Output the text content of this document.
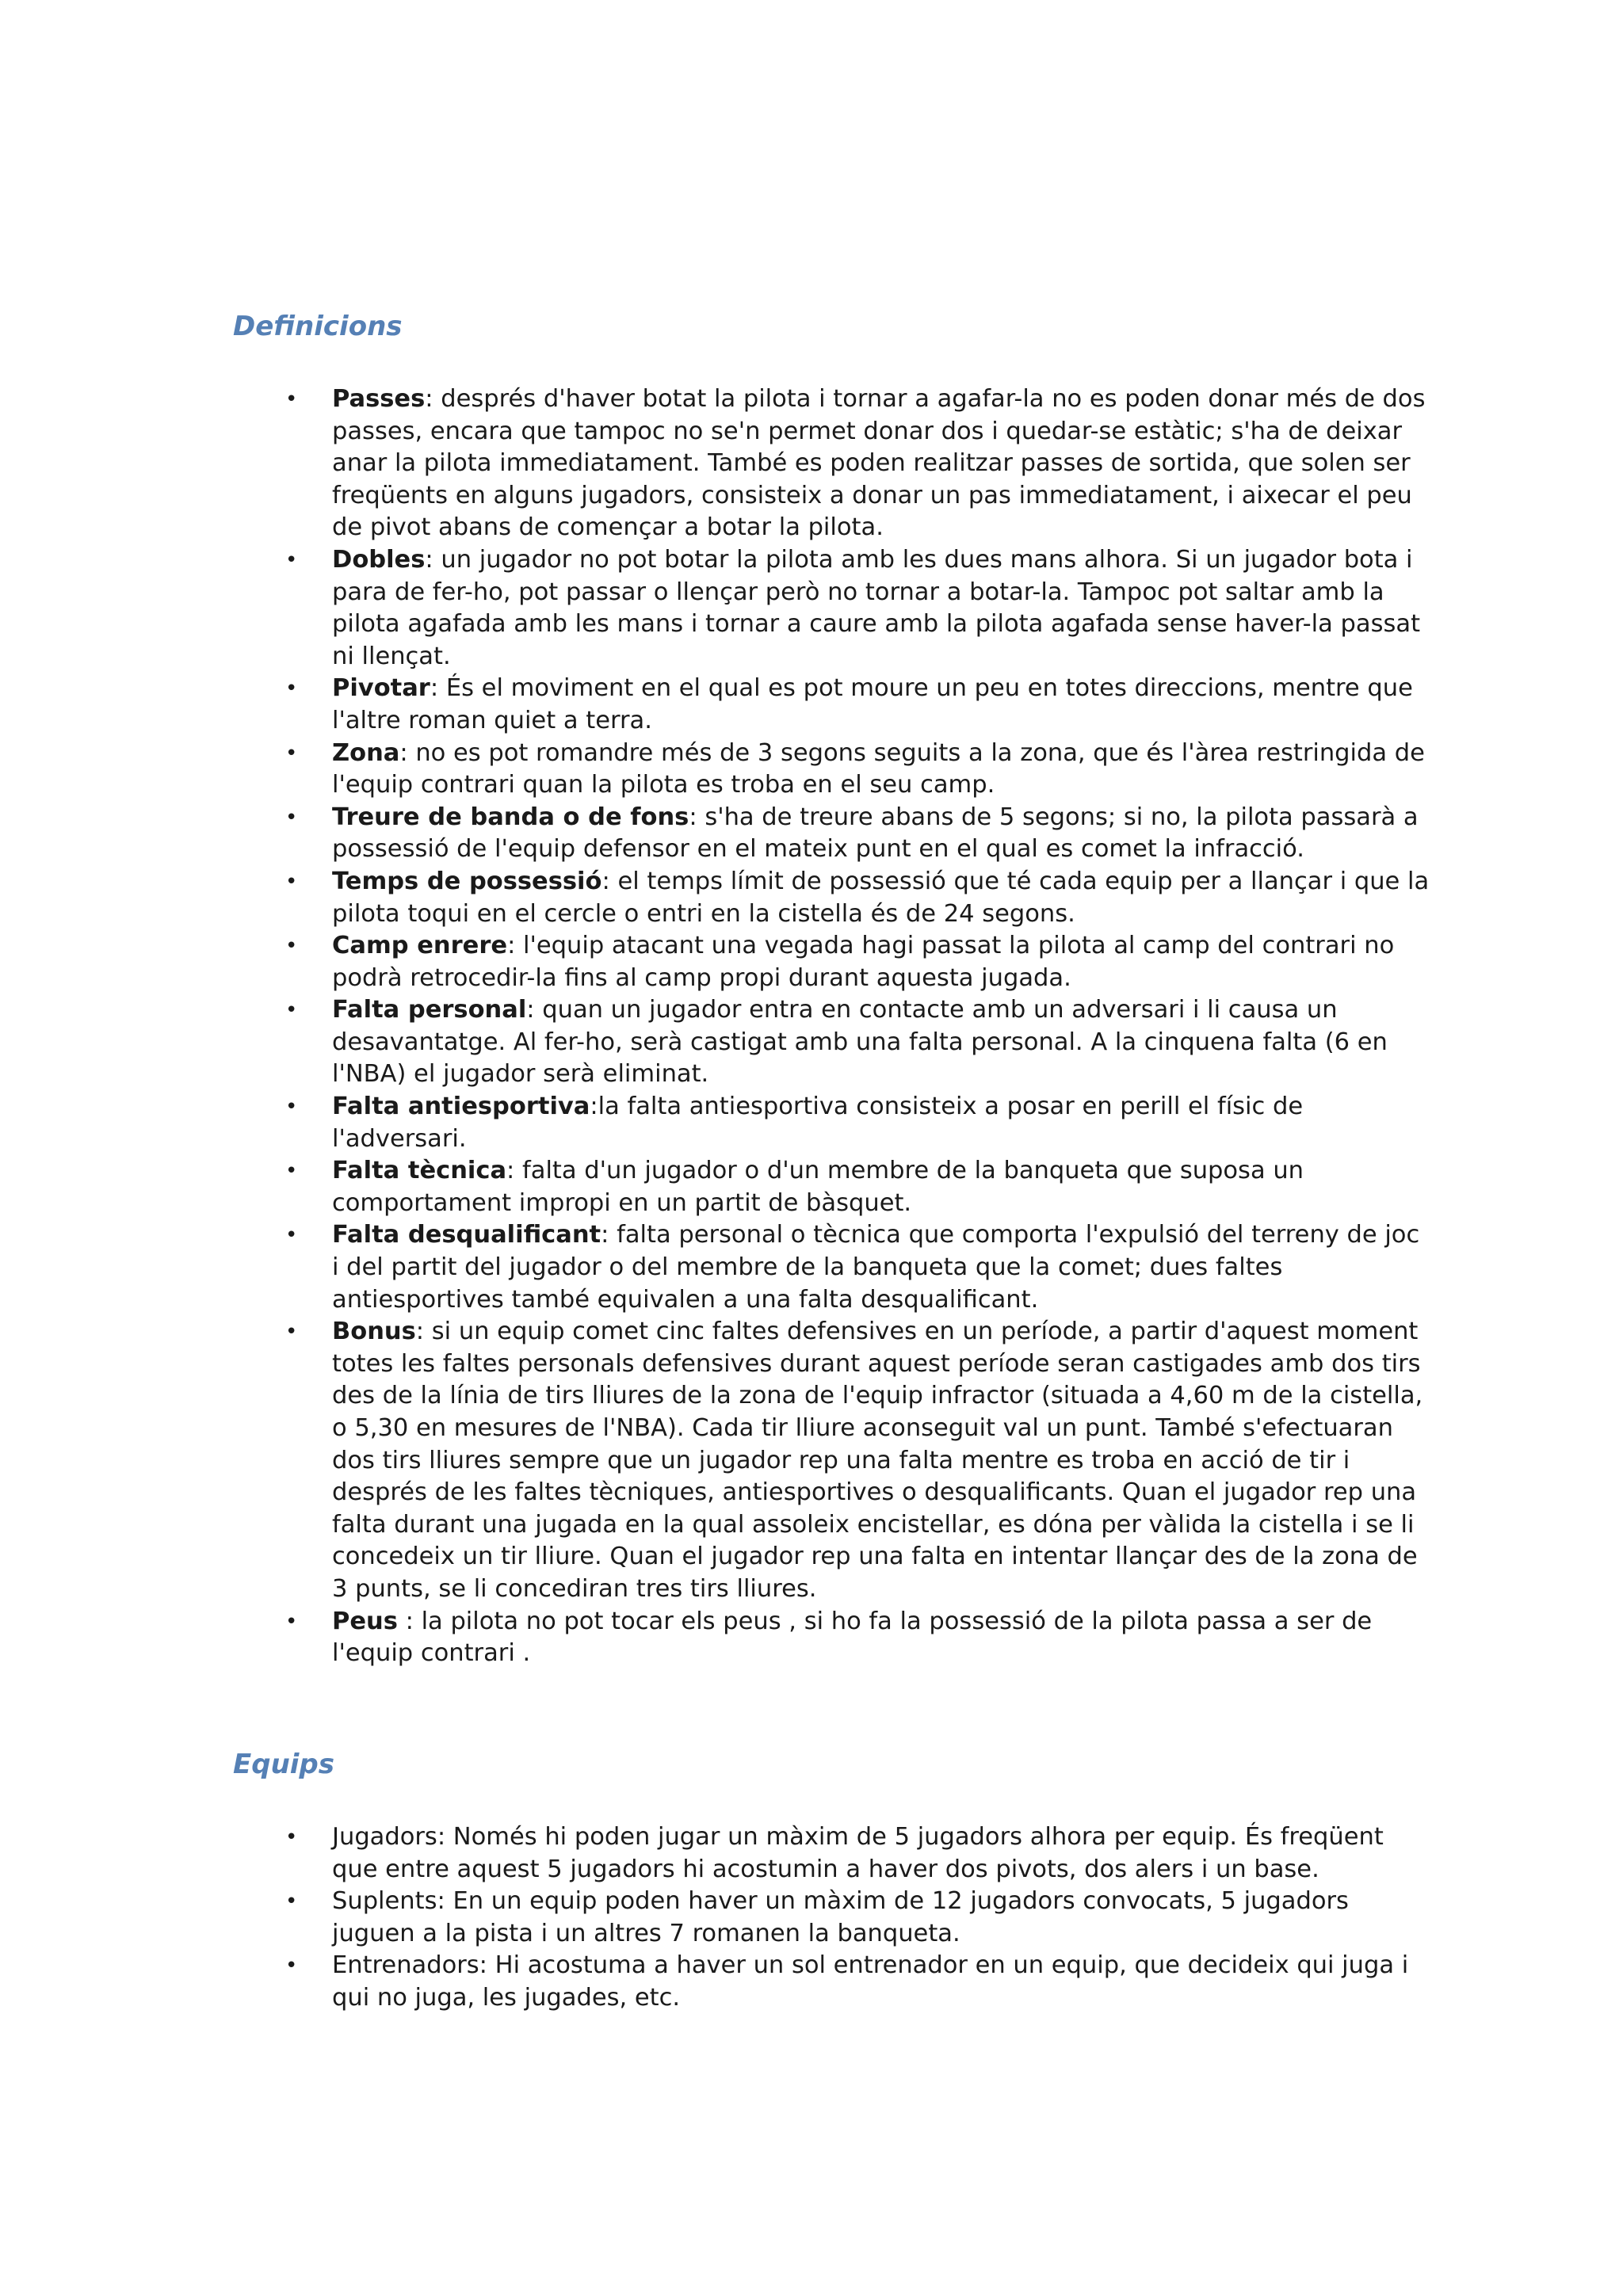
Definicions
• Passes: després d'haver botat la pilota i tornar a agafar-la no es poden donar més de dos passes, encara que tampoc no se'n permet donar dos i quedar-se estàtic; s'ha de deixar anar la pilota immediatament. També es poden realitzar passes de sortida, que solen ser freqüents en alguns jugadors, consisteix a donar un pas immediatament, i aixecar el peu de pivot abans de començar a botar la pilota.
• Dobles: un jugador no pot botar la pilota amb les dues mans alhora. Si un jugador bota i para de fer-ho, pot passar o llençar però no tornar a botar-la. Tampoc pot saltar amb la pilota agafada amb les mans i tornar a caure amb la pilota agafada sense haver-la passat ni llençat.
• Pivotar: És el moviment en el qual es pot moure un peu en totes direccions, mentre que l'altre roman quiet a terra.
• Zona: no es pot romandre més de 3 segons seguits a la zona, que és l'àrea restringida de l'equip contrari quan la pilota es troba en el seu camp.
• Treure de banda o de fons: s'ha de treure abans de 5 segons; si no, la pilota passarà a possessió de l'equip defensor en el mateix punt en el qual es comet la infracció.
• Temps de possessió: el temps límit de possessió que té cada equip per a llançar i que la pilota toqui en el cercle o entri en la cistella és de 24 segons.
• Camp enrere: l'equip atacant una vegada hagi passat la pilota al camp del contrari no podrà retrocedir-la fins al camp propi durant aquesta jugada.
• Falta personal: quan un jugador entra en contacte amb un adversari i li causa un desavantatge. Al fer-ho, serà castigat amb una falta personal. A la cinquena falta (6 en l'NBA) el jugador serà eliminat.
• Falta antiesportiva:la falta antiesportiva consisteix a posar en perill el físic de l'adversari.
• Falta tècnica: falta d'un jugador o d'un membre de la banqueta que suposa un comportament impropi en un partit de bàsquet.
• Falta desqualificant: falta personal o tècnica que comporta l'expulsió del terreny de joc i del partit del jugador o del membre de la banqueta que la comet; dues faltes antiesportives també equivalen a una falta desqualificant.
• Bonus: si un equip comet cinc faltes defensives en un període, a partir d'aquest moment totes les faltes personals defensives durant aquest període seran castigades amb dos tirs des de la línia de tirs lliures de la zona de l'equip infractor (situada a 4,60 m de la cistella, o 5,30 en mesures de l'NBA). Cada tir lliure aconseguit val un punt. També s'efectuaran dos tirs lliures sempre que un jugador rep una falta mentre es troba en acció de tir i després de les faltes tècniques, antiesportives o desqualificants. Quan el jugador rep una falta durant una jugada en la qual assoleix encistellar, es dóna per vàlida la cistella i se li concedeix un tir lliure. Quan el jugador rep una falta en intentar llançar des de la zona de 3 punts, se li concediran tres tirs lliures.
• Peus : la pilota no pot tocar els peus , si ho fa la possessió de la pilota passa a ser de l'equip contrari .
Equips
• Jugadors: Només hi poden jugar un màxim de 5 jugadors alhora per equip. És freqüent que entre aquest 5 jugadors hi acostumin a haver dos pivots, dos alers i un base.
• Suplents: En un equip poden haver un màxim de 12 jugadors convocats, 5 jugadors juguen a la pista i un altres 7 romanen la banqueta.
• Entrenadors: Hi acostuma a haver un sol entrenador en un equip, que decideix qui juga i qui no juga, les jugades, etc.
